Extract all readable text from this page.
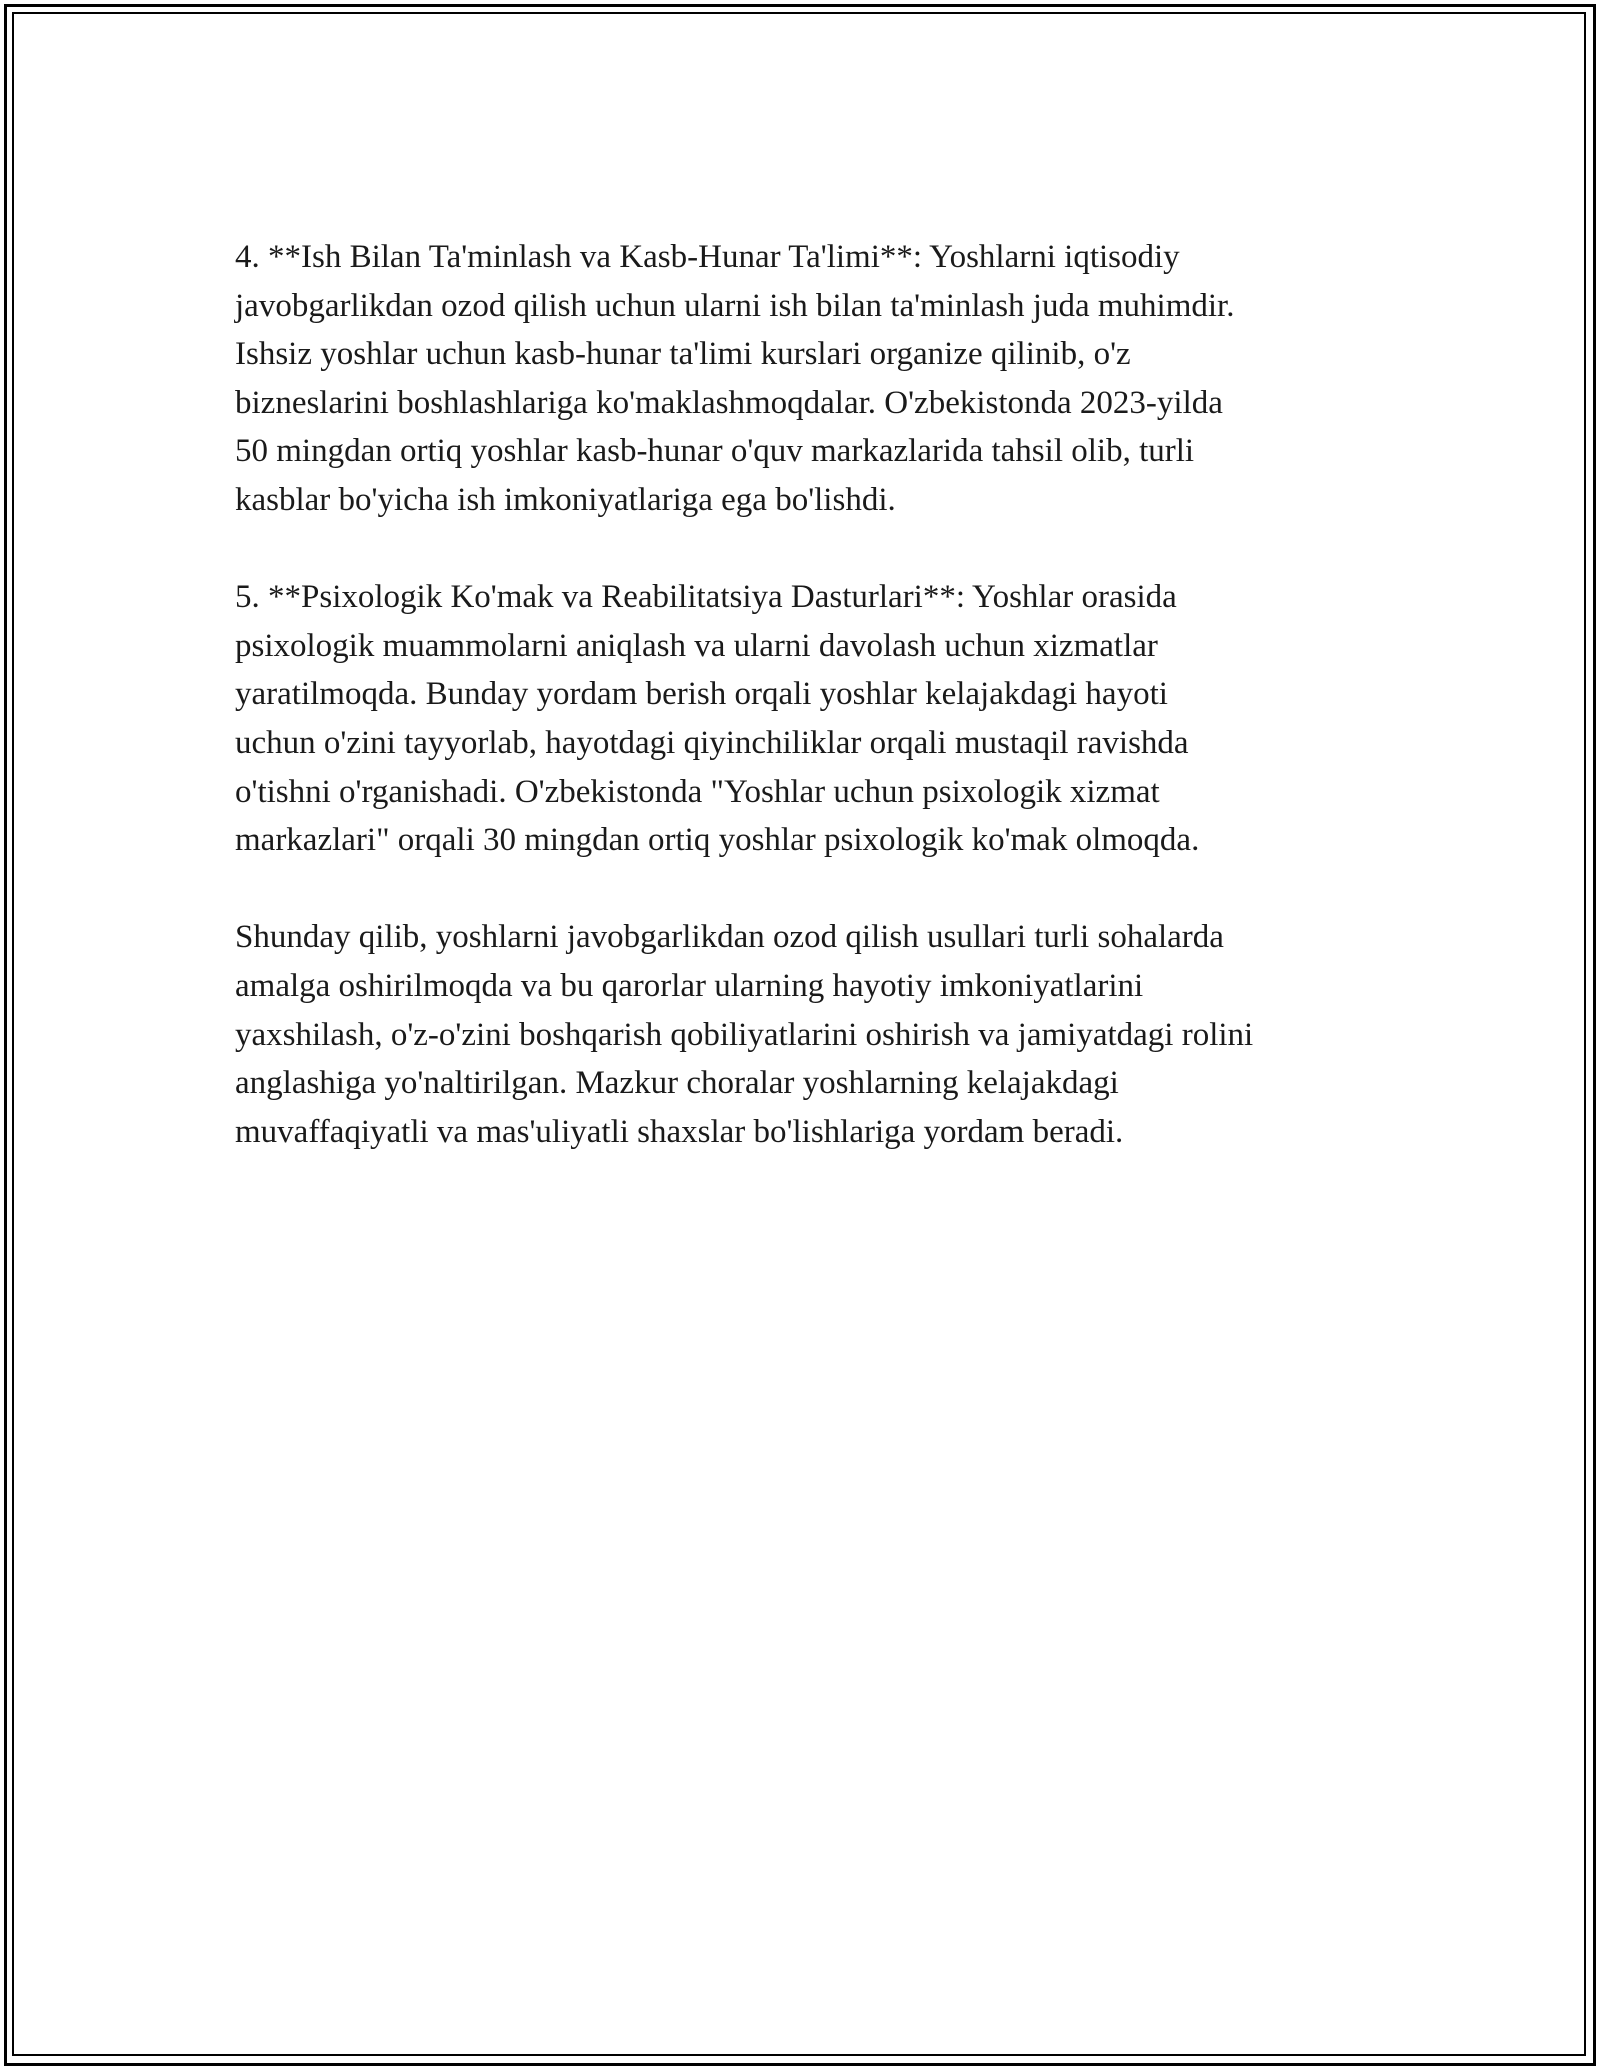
4. **Ish Bilan Ta'minlash va Kasb-Hunar Ta'limi**: Yoshlarni iqtisodiy
javobgarlikdan ozod qilish uchun ularni ish bilan ta'minlash juda muhimdir.
Ishsiz yoshlar uchun kasb-hunar ta'limi kurslari organize qilinib, o'z
bizneslarini boshlashlariga ko'maklashmoqdalar. O'zbekistonda 2023-yilda
50 mingdan ortiq yoshlar kasb-hunar o'quv markazlarida tahsil olib, turli
kasblar bo'yicha ish imkoniyatlariga ega bo'lishdi.

5. **Psixologik Ko'mak va Reabilitatsiya Dasturlari**: Yoshlar orasida
psixologik muammolarni aniqlash va ularni davolash uchun xizmatlar
yaratilmoqda. Bunday yordam berish orqali yoshlar kelajakdagi hayoti
uchun o'zini tayyorlab, hayotdagi qiyinchiliklar orqali mustaqil ravishda
o'tishni o'rganishadi. O'zbekistonda "Yoshlar uchun psixologik xizmat
markazlari" orqali 30 mingdan ortiq yoshlar psixologik ko'mak olmoqda.

Shunday qilib, yoshlarni javobgarlikdan ozod qilish usullari turli sohalarda
amalga oshirilmoqda va bu qarorlar ularning hayotiy imkoniyatlarini
yaxshilash, o'z-o'zini boshqarish qobiliyatlarini oshirish va jamiyatdagi rolini
anglashiga yo'naltirilgan. Mazkur choralar yoshlarning kelajakdagi
muvaffaqiyatli va mas'uliyatli shaxslar bo'lishlariga yordam beradi.
